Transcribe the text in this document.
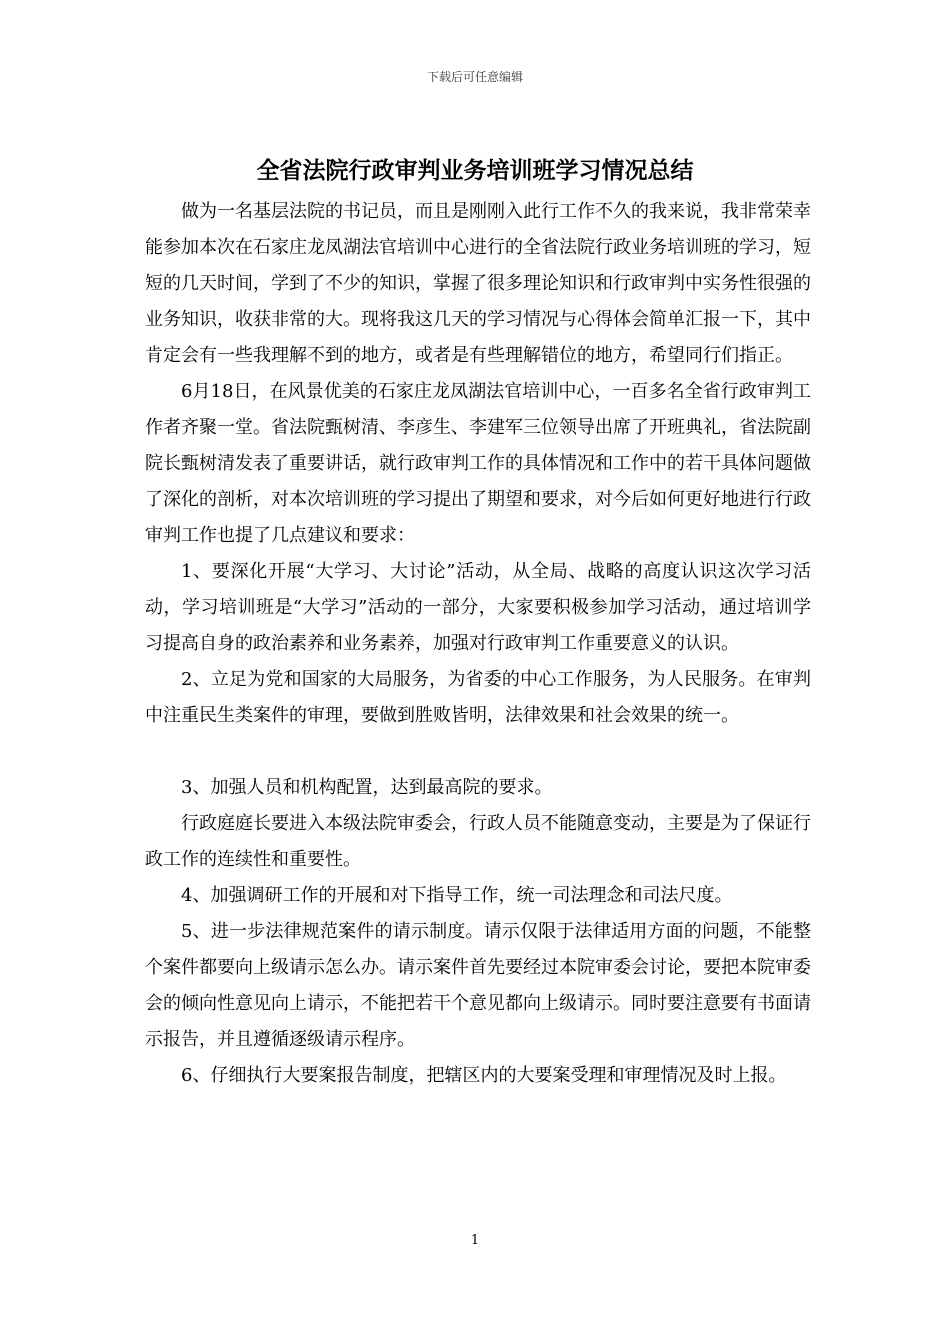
下载后可任意编辑
全省法院行政审判业务培训班学习情况总结

做为一名基层法院的书记员，而且是刚刚入此行工作不久的我来说，我非常荣幸能参加本次在石家庄龙凤湖法官培训中心进行的全省法院行政业务培训班的学习，短短的几天时间，学到了不少的知识，掌握了很多理论知识和行政审判中实务性很强的业务知识，收获非常的大。现将我这几天的学习情况与心得体会简单汇报一下，其中肯定会有一些我理解不到的地方，或者是有些理解错位的地方，希望同行们指正。

6月18日，在风景优美的石家庄龙凤湖法官培训中心，一百多名全省行政审判工作者齐聚一堂。省法院甄树清、李彦生、李建军三位领导出席了开班典礼，省法院副院长甄树清发表了重要讲话，就行政审判工作的具体情况和工作中的若干具体问题做了深化的剖析，对本次培训班的学习提出了期望和要求，对今后如何更好地进行行政审判工作也提了几点建议和要求：

1、要深化开展“大学习、大讨论”活动，从全局、战略的高度认识这次学习活动，学习培训班是“大学习”活动的一部分，大家要积极参加学习活动，通过培训学习提高自身的政治素养和业务素养，加强对行政审判工作重要意义的认识。

2、立足为党和国家的大局服务，为省委的中心工作服务，为人民服务。在审判中注重民生类案件的审理，要做到胜败皆明，法律效果和社会效果的统一。

3、加强人员和机构配置，达到最高院的要求。

行政庭庭长要进入本级法院审委会，行政人员不能随意变动，主要是为了保证行政工作的连续性和重要性。

4、加强调研工作的开展和对下指导工作，统一司法理念和司法尺度。

5、进一步法律规范案件的请示制度。请示仅限于法律适用方面的问题，不能整个案件都要向上级请示怎么办。请示案件首先要经过本院审委会讨论，要把本院审委会的倾向性意见向上请示，不能把若干个意见都向上级请示。同时要注意要有书面请示报告，并且遵循逐级请示程序。

6、仔细执行大要案报告制度，把辖区内的大要案受理和审理情况及时上报。

1
